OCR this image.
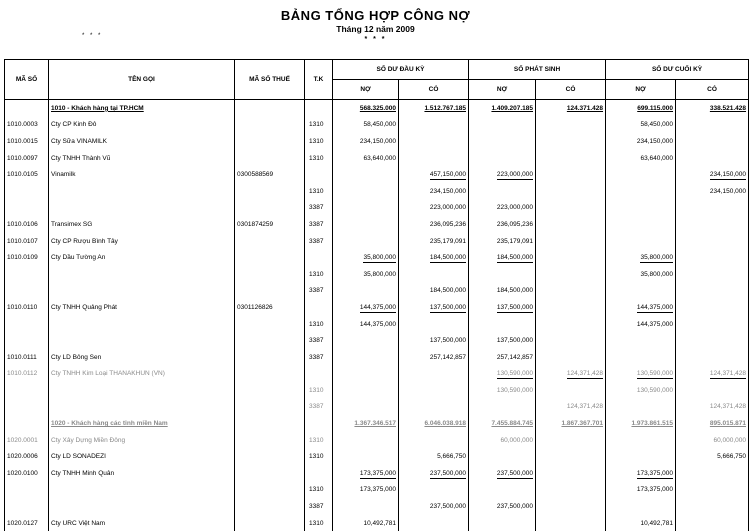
BẢNG TỔNG HỢP CÔNG NỢ
Tháng 12 năm 2009
* * *
* * *
MÃ SỐ	TÊN GỌI	MÃ SỐ THUẾ	T.K	SỐ DƯ ĐẦU KỲ		SỐ PHÁT SINH		SỐ DƯ CUỐI KỲ	
				NỢ	CÓ	NỢ	CÓ	NỢ	CÓ
	1010 - Khách hàng tại TP.HCM			568.325.000	1.512.767.185	1.409.207.185	124.371.428	699.115.000	338.521.428
1010.0003	Cty CP Kinh Đô		1310	58,450,000				58,450,000	
1010.0015	Cty Sữa VINAMILK		1310	234,150,000				234,150,000	
1010.0097	Cty TNHH Thành Vũ		1310	63,640,000				63,640,000	
1010.0105	Vinamilk	0300588569			457,150,000	223,000,000			234,150,000
			1310		234,150,000				234,150,000
			3387		223,000,000	223,000,000			
1010.0106	Transimex SG	0301874259	3387		236,095,236	236,095,236			
1010.0107	Cty CP Rượu Bình Tây		3387		235,179,091	235,179,091			
1010.0109	Cty Dầu Tường An			35,800,000	184,500,000	184,500,000		35,800,000	
			1310	35,800,000				35,800,000	
			3387		184,500,000	184,500,000			
1010.0110	Cty TNHH Quảng Phát	0301126826		144,375,000	137,500,000	137,500,000		144,375,000	
			1310	144,375,000				144,375,000	
			3387		137,500,000	137,500,000			
1010.0111	Cty LD Bông Sen		3387		257,142,857	257,142,857			
1010.0112	Cty TNHH Kim Loại THANAKHUN (VN)					130,590,000	124,371,428	130,590,000	124,371,428
			1310			130,590,000		130,590,000	
			3387				124,371,428		124,371,428
	1020 - Khách hàng các tỉnh miền Nam			1.367.346.517	6.046.038.918	7.455.884.745	1.867.367.701	1.973.861.515	895.015.871
1020.0001	Cty Xây Dựng Miền Đông		1310			60,000,000			60,000,000
1020.0006	Cty LD SONADEZI		1310		5,666,750				5,666,750
1020.0100	Cty TNHH Minh Quân			173,375,000	237,500,000	237,500,000		173,375,000	
			1310	173,375,000				173,375,000	
			3387		237,500,000	237,500,000			
1020.0127	Cty URC Việt Nam		1310	10,492,781				10,492,781	
